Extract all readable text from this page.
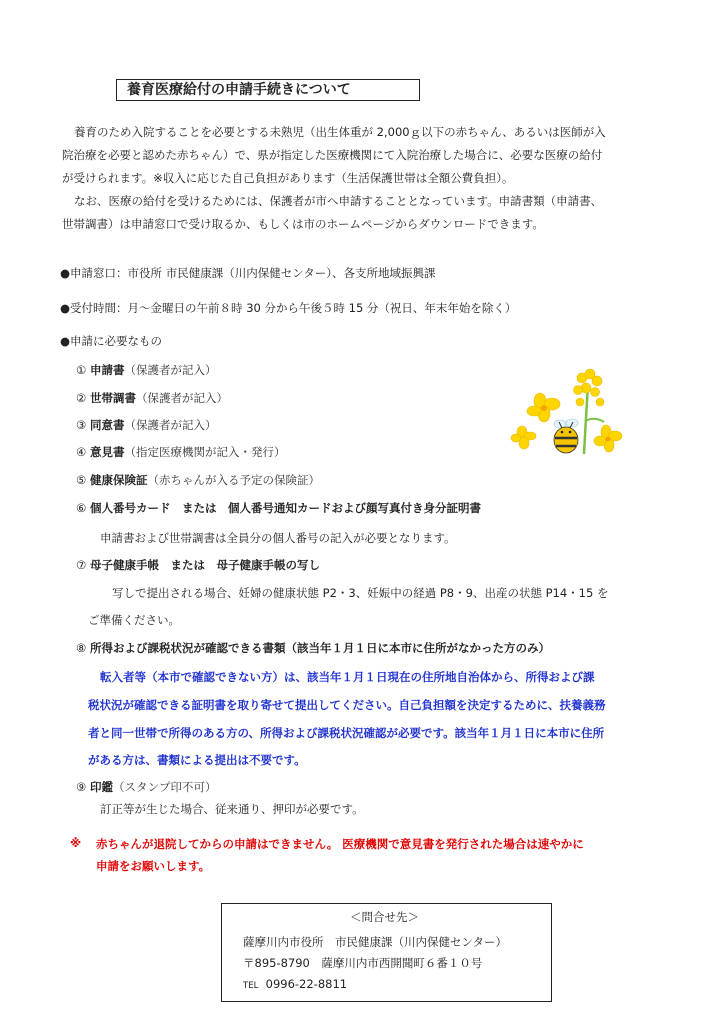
養育医療給付の申請手続きについて
養育のため入院することを必要とする未熟児（出生体重が 2,000ｇ以下の赤ちゃん、あるいは医師が入
院治療を必要と認めた赤ちゃん）で、県が指定した医療機関にて入院治療した場合に、必要な医療の給付
が受けられます。※収入に応じた自己負担があります（生活保護世帯は全額公費負担）。
なお、医療の給付を受けるためには、保護者が市へ申請することとなっています。申請書類（申請書、
世帯調書）は申請窓口で受け取るか、もしくは市のホームページからダウンロードできます。
●申請窓口：市役所 市民健康課（川内保健センター）、各支所地域振興課
●受付時間：月～金曜日の午前８時 30 分から午後５時 15 分（祝日、年末年始を除く）
●申請に必要なもの
① 申請書（保護者が記入）
② 世帯調書（保護者が記入）
③ 同意書（保護者が記入）
④ 意見書（指定医療機関が記入・発行）
⑤ 健康保険証（赤ちゃんが入る予定の保険証）
⑥ 個人番号カード　または　個人番号通知カードおよび顔写真付き身分証明書
申請書および世帯調書は全員分の個人番号の記入が必要となります。
⑦ 母子健康手帳　または　母子健康手帳の写し
写しで提出される場合、妊婦の健康状態 P2・3、妊娠中の経過 P8・9、出産の状態 P14・15 を
ご準備ください。
⑧ 所得および課税状況が確認できる書類（該当年１月１日に本市に住所がなかった方のみ）
転入者等（本市で確認できない方）は、該当年１月１日現在の住所地自治体から、所得および課
税状況が確認できる証明書を取り寄せて提出してください。自己負担額を決定するために、扶養義務
者と同一世帯で所得のある方の、所得および課税状況確認が必要です。該当年１月１日に本市に住所
がある方は、書類による提出は不要です。
⑨ 印鑑（スタンプ印不可）
訂正等が生じた場合、従来通り、押印が必要です。
※ 赤ちゃんが退院してからの申請はできません。 医療機関で意見書を発行された場合は速やかに
申請をお願いします。
＜問合せ先＞
薩摩川内市役所　市民健康課（川内保健センター）
〒895-8790　薩摩川内市西開聞町６番１０号
TEL 0996-22-8811
